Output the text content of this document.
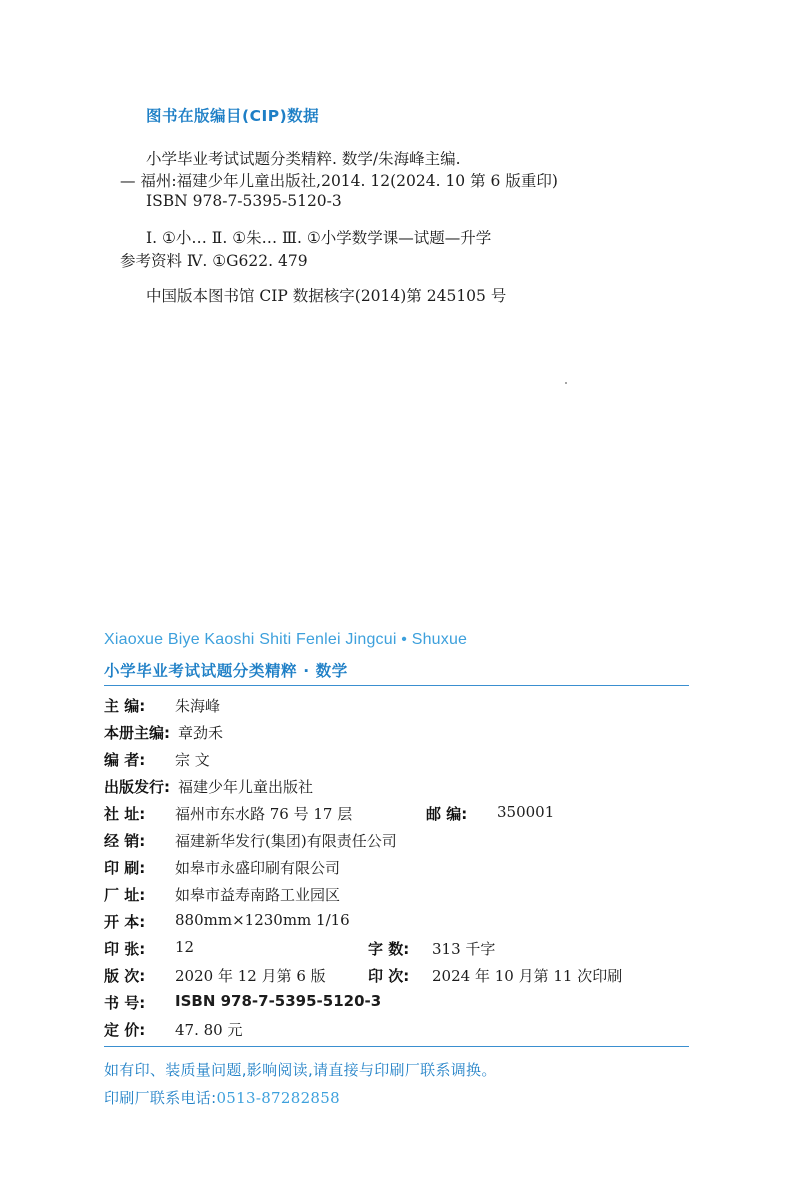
图书在版编目(CIP)数据
小学毕业考试试题分类精粹. 数学/朱海峰主编.
— 福州:福建少年儿童出版社,2014. 12(2024. 10 第 6 版重印)
ISBN 978-7-5395-5120-3
Ⅰ. ①小… Ⅱ. ①朱… Ⅲ. ①小学数学课—试题—升学
参考资料 Ⅳ. ①G622. 479
中国版本图书馆 CIP 数据核字(2014)第 245105 号
Xiaoxue Biye Kaoshi Shiti Fenlei Jingcui • Shuxue
小学毕业考试试题分类精粹 · 数学
主 编: 朱海峰
本册主编: 章劲禾
编 者: 宗 文
出版发行: 福建少年儿童出版社
社 址: 福州市东水路 76 号 17 层	邮 编: 350001
经 销: 福建新华发行(集团)有限责任公司
印 刷: 如皋市永盛印刷有限公司
厂 址: 如皋市益寿南路工业园区
开 本: 880mm×1230mm 1/16
印 张: 12	字 数: 313 千字
版 次: 2020 年 12 月第 6 版	印 次: 2024 年 10 月第 11 次印刷
书 号: ISBN 978-7-5395-5120-3
定 价: 47. 80 元
如有印、装质量问题,影响阅读,请直接与印刷厂联系调换。
印刷厂联系电话:0513-87282858
